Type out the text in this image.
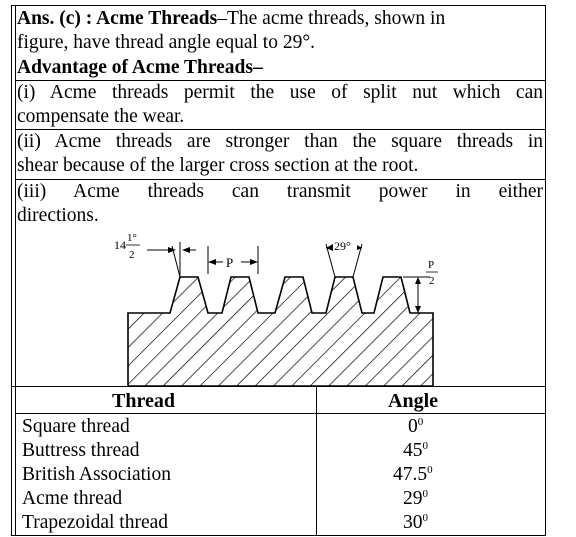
Ans. (c) : Acme Threads–The acme threads, shown in
figure, have thread angle equal to 29°.
Advantage of Acme Threads–
(i) Acme threads permit the use of split nut which can
compensate the wear.
(ii) Acme threads are stronger than the square threads in
shear because of the larger cross section at the root.
(iii) Acme threads can transmit power in either
directions.
14 1°
2	P
29°
P
2
Thread	Angle
Square thread	$0^0$
Buttress thread	$45^0$
British Association	47.5$^0$
Acme thread	$29^0$
Trapezoidal thread	$30^0$
